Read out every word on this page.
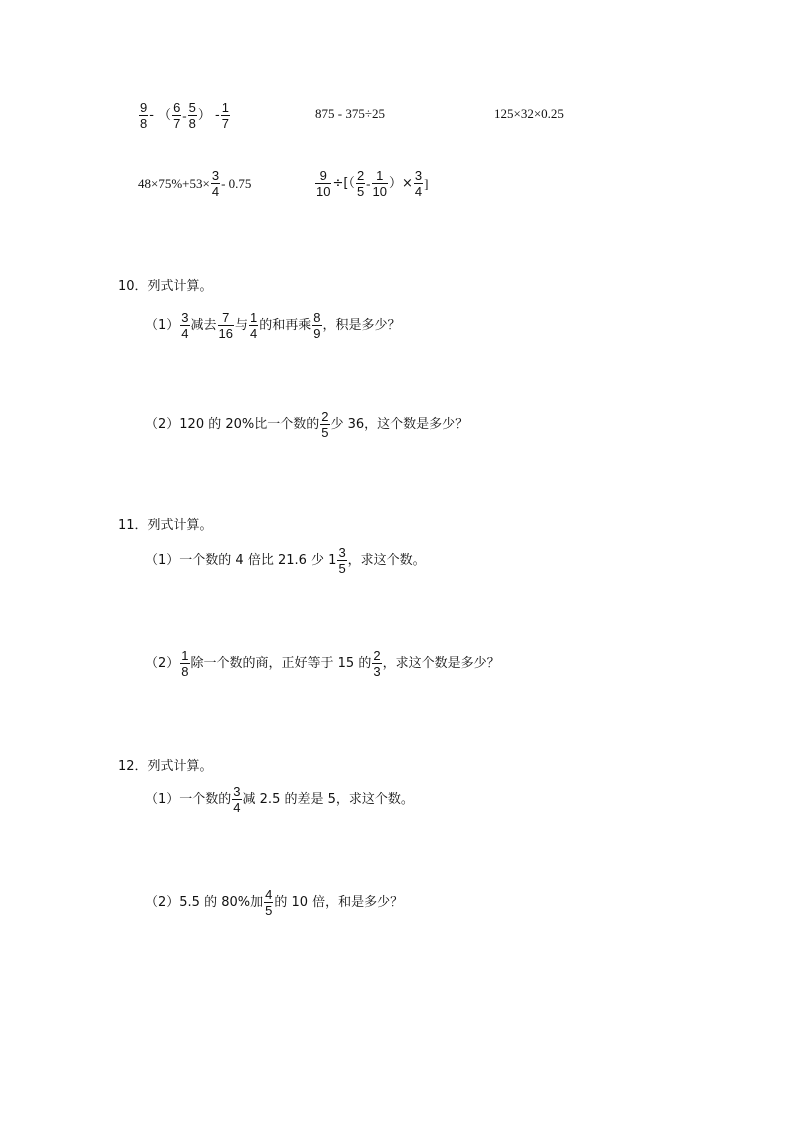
$\frac{9}{8}$ - （ $\frac{6}{7} - \frac{5}{8}$ ） - $\frac{1}{7}$	875 - 375÷25	125×32×0.25
$48\times 75\%+53\times \frac{3}{4} - 0.75$	$\frac{9}{10}$ ÷[（ $\frac{2}{5} - \frac{1}{10}$ ）× $\frac{3}{4}$ ]
10．列式计算。
$(1) \frac{3}{4}$ 减去 $\frac{7}{16}$ 与 $\frac{1}{4}$ 的和再乘 $\frac{8}{9}$ ，积是多少？
（2） 120 的 20%比一个数的 $\frac{2}{5}$ 少 36，这个数是多少？
11．列式计算。
（1） 一个数的 4 倍比 21.6 少 $1 \frac{3}{5}$ ，求这个数。
$(2) \frac{1}{8}$ 除一个数的商，正好等于 15 的 $\frac{2}{3}$ ，求这个数是多少？
12．列式计算。
（1） 一个数的 $\frac{3}{4}$ 减 2.5 的差是 5，求这个数。
（2） 5.5 的 80%加 $\frac{4}{5}$ 的 10 倍，和是多少？
